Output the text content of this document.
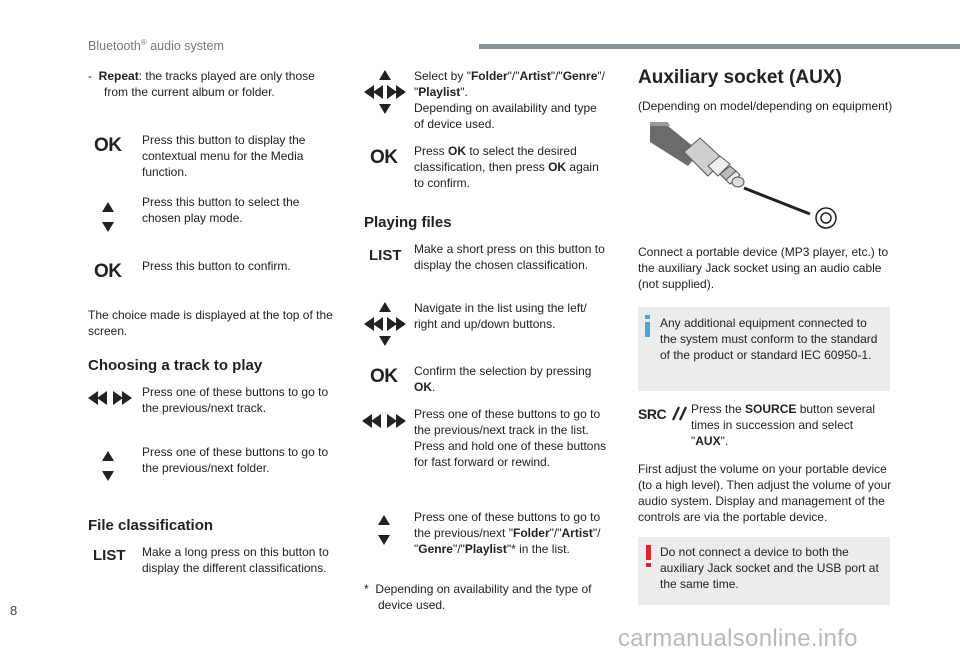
Bluetooth® audio system
- Repeat: the tracks played are only those
from the current album or folder.
OK Press this button to display the
contextual menu for the Media
function.
Press this button to select the
chosen play mode.
OK Press this button to confirm.
The choice made is displayed at the top of the
screen.
Choosing a track to play
Press one of these buttons to go to
the previous/next track.
Press one of these buttons to go to
the previous/next folder.
File classification
LIST Make a long press on this button to
display the different classifications.
Select by "Folder"/"Artist"/"Genre"/
"Playlist".
Depending on availability and type
of device used.
OK Press OK to select the desired
classification, then press OK again
to confirm.
Playing files
LIST Make a short press on this button to
display the chosen classification.
Navigate in the list using the left/
right and up/down buttons.
OK Confirm the selection by pressing
OK.
Press one of these buttons to go to
the previous/next track in the list.
Press and hold one of these buttons
for fast forward or rewind.
Press one of these buttons to go to
the previous/next "Folder"/"Artist"/
"Genre"/"Playlist"* in the list.
* Depending on availability and the type of
device used.
Auxiliary socket (AUX)
(Depending on model/depending on equipment)
Connect a portable device (MP3 player, etc.) to
the auxiliary Jack socket using an audio cable
(not supplied).
Any additional equipment connected to
the system must conform to the standard
of the product or standard IEC 60950-1.
SRC	Press the SOURCE button several
times in succession and select
"AUX".
First adjust the volume on your portable device
(to a high level). Then adjust the volume of your
audio system. Display and management of the
controls are via the portable device.
Do not connect a device to both the
auxiliary Jack socket and the USB port at
the same time.
8
carmanualsonline.info
